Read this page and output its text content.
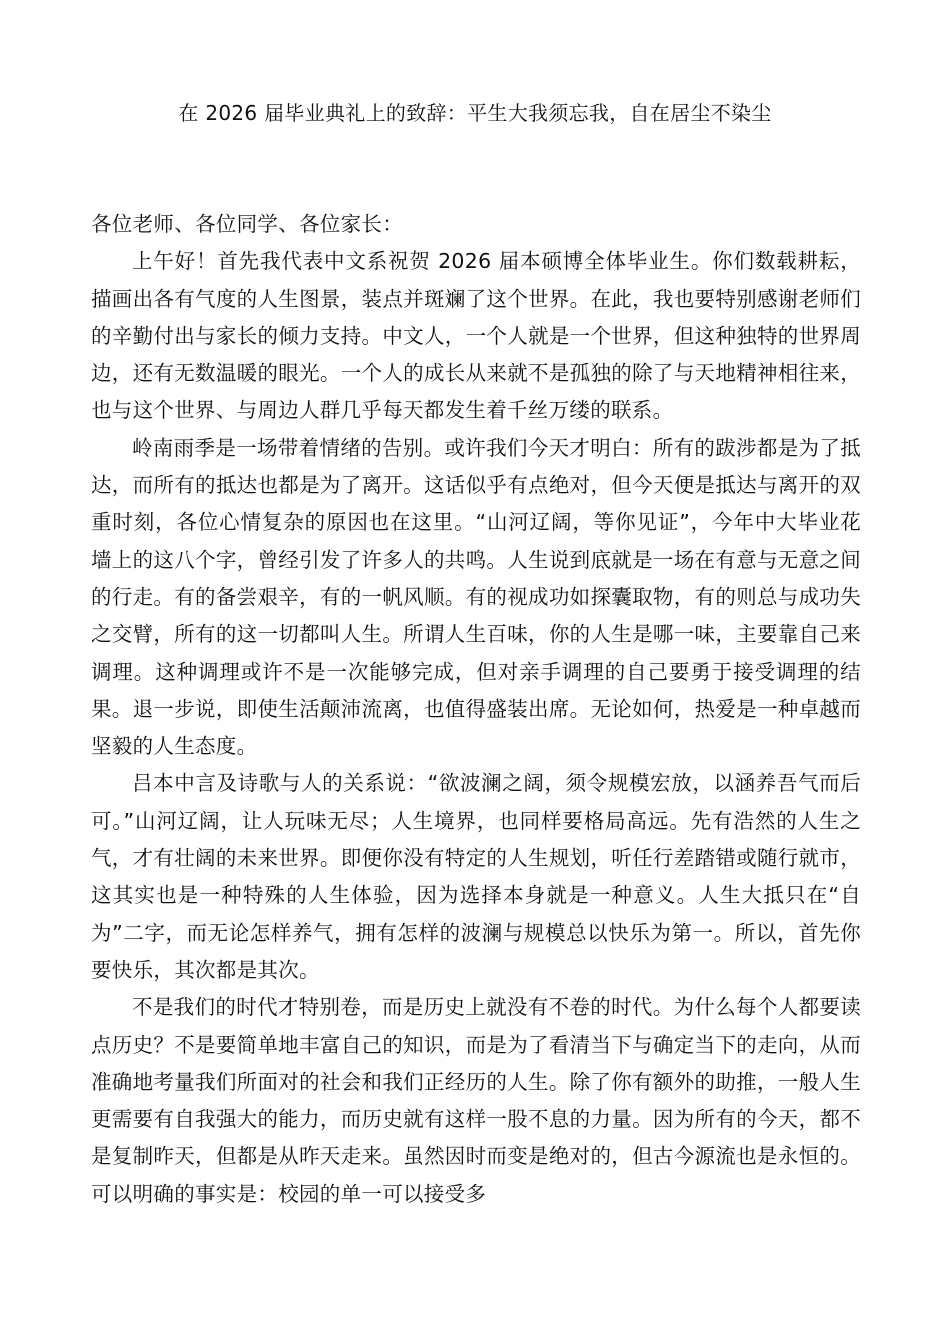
在 2026 届毕业典礼上的致辞：平生大我须忘我，自在居尘不染尘

各位老师、各位同学、各位家长：

上午好！首先我代表中文系祝贺 2026 届本硕博全体毕业生。你们数载耕耘，描画出各有气度的人生图景，装点并斑斓了这个世界。在此，我也要特别感谢老师们的辛勤付出与家长的倾力支持。中文人，一个人就是一个世界，但这种独特的世界周边，还有无数温暖的眼光。一个人的成长从来就不是孤独的除了与天地精神相往来，也与这个世界、与周边人群几乎每天都发生着千丝万缕的联系。

岭南雨季是一场带着情绪的告别。或许我们今天才明白：所有的跋涉都是为了抵达，而所有的抵达也都是为了离开。这话似乎有点绝对，但今天便是抵达与离开的双重时刻，各位心情复杂的原因也在这里。“山河辽阔，等你见证”，今年中大毕业花墙上的这八个字，曾经引发了许多人的共鸣。人生说到底就是一场在有意与无意之间的行走。有的备尝艰辛，有的一帆风顺。有的视成功如探囊取物，有的则总与成功失之交臂，所有的这一切都叫人生。所谓人生百味，你的人生是哪一味，主要靠自己来调理。这种调理或许不是一次能够完成，但对亲手调理的自己要勇于接受调理的结果。退一步说，即使生活颠沛流离，也值得盛装出席。无论如何，热爱是一种卓越而坚毅的人生态度。

吕本中言及诗歌与人的关系说：“欲波澜之阔，须令规模宏放，以涵养吾气而后可。”山河辽阔，让人玩味无尽；人生境界，也同样要格局高远。先有浩然的人生之气，才有壮阔的未来世界。即便你没有特定的人生规划，听任行差踏错或随行就市，这其实也是一种特殊的人生体验，因为选择本身就是一种意义。人生大抵只在“自为”二字，而无论怎样养气，拥有怎样的波澜与规模总以快乐为第一。所以，首先你要快乐，其次都是其次。

不是我们的时代才特别卷，而是历史上就没有不卷的时代。为什么每个人都要读点历史？不是要简单地丰富自己的知识，而是为了看清当下与确定当下的走向，从而准确地考量我们所面对的社会和我们正经历的人生。除了你有额外的助推，一般人生更需要有自我强大的能力，而历史就有这样一股不息的力量。因为所有的今天，都不是复制昨天，但都是从昨天走来。虽然因时而变是绝对的，但古今源流也是永恒的。可以明确的事实是：校园的单一可以接受多
